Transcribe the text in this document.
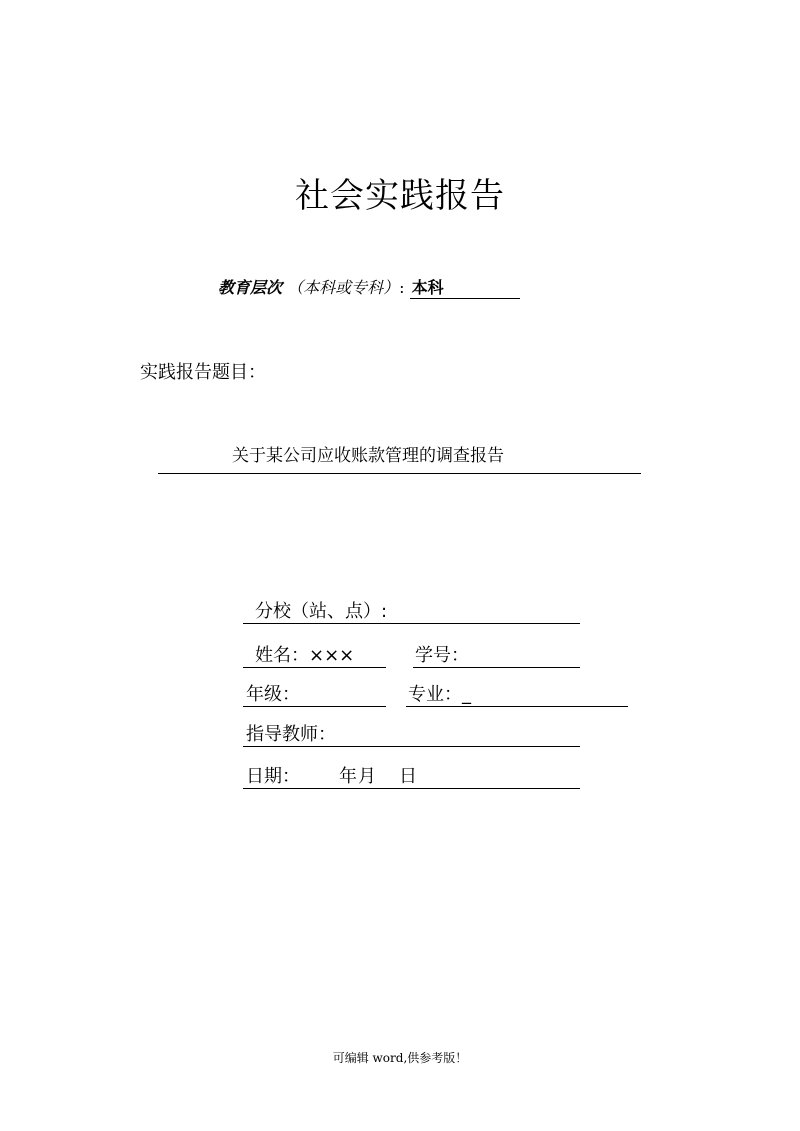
社会实践报告
教育层次 （本科或专科）: 本科
实践报告题目：
关于某公司应收账款管理的调查报告
分校（站、点）:
姓名：×××	学号：
年级：	专业：_
指导教师：
日期： 年 月 日
可编辑 word,供参考版！
